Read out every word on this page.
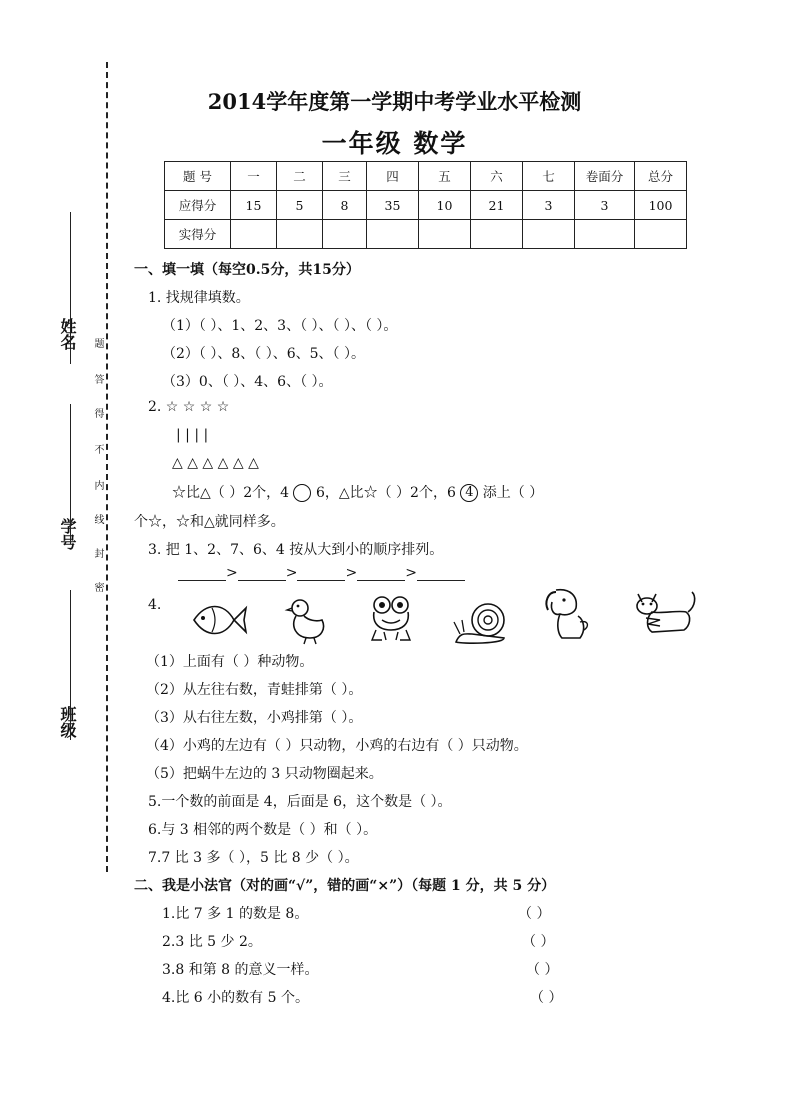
姓名
学号
班级
题
答
得
不
内
线
封
密
2014学年度第一学期中考学业水平检测
一年级 数学
题 号	一	二	三	四	五	六	七	卷面分	总分
应得分	15	5	8	35	10	21	3	3	100
实得分									
一、填一填（每空0.5分，共15分）
1. 找规律填数。
（1）（ ）、1、2、3、（ ）、（ ）、（ ）。
（2）（ ）、8、（ ）、6、5、（ ）。
（3）0、（ ）、4、6、（ ）。
2. ☆ ☆ ☆ ☆
| | | |
△ △ △ △ △ △
☆比△（ ）2个，4 6，△比☆（ ）2个，6 4 添上（ ）
个☆，☆和△就同样多。
3. 把 1、2、7、6、4 按从大到小的顺序排列。
>	>	>	>
4.
（1）上面有（ ）种动物。
（2）从左往右数，青蛙排第（ ）。
（3）从右往左数，小鸡排第（ ）。
（4）小鸡的左边有（ ）只动物，小鸡的右边有（ ）只动物。
（5）把蜗牛左边的 3 只动物圈起来。
5.一个数的前面是 4，后面是 6，这个数是（ ）。
6.与 3 相邻的两个数是（ ）和（ ）。
7.7 比 3 多（ ），5 比 8 少（ ）。
二、我是小法官（对的画“√”，错的画“×”）（每题 1 分，共 5 分）
1.比 7 多 1 的数是 8。	（ ）
2.3 比 5 少 2。	（ ）
3.8 和第 8 的意义一样。	（ ）
4.比 6 小的数有 5 个。	（ ）
